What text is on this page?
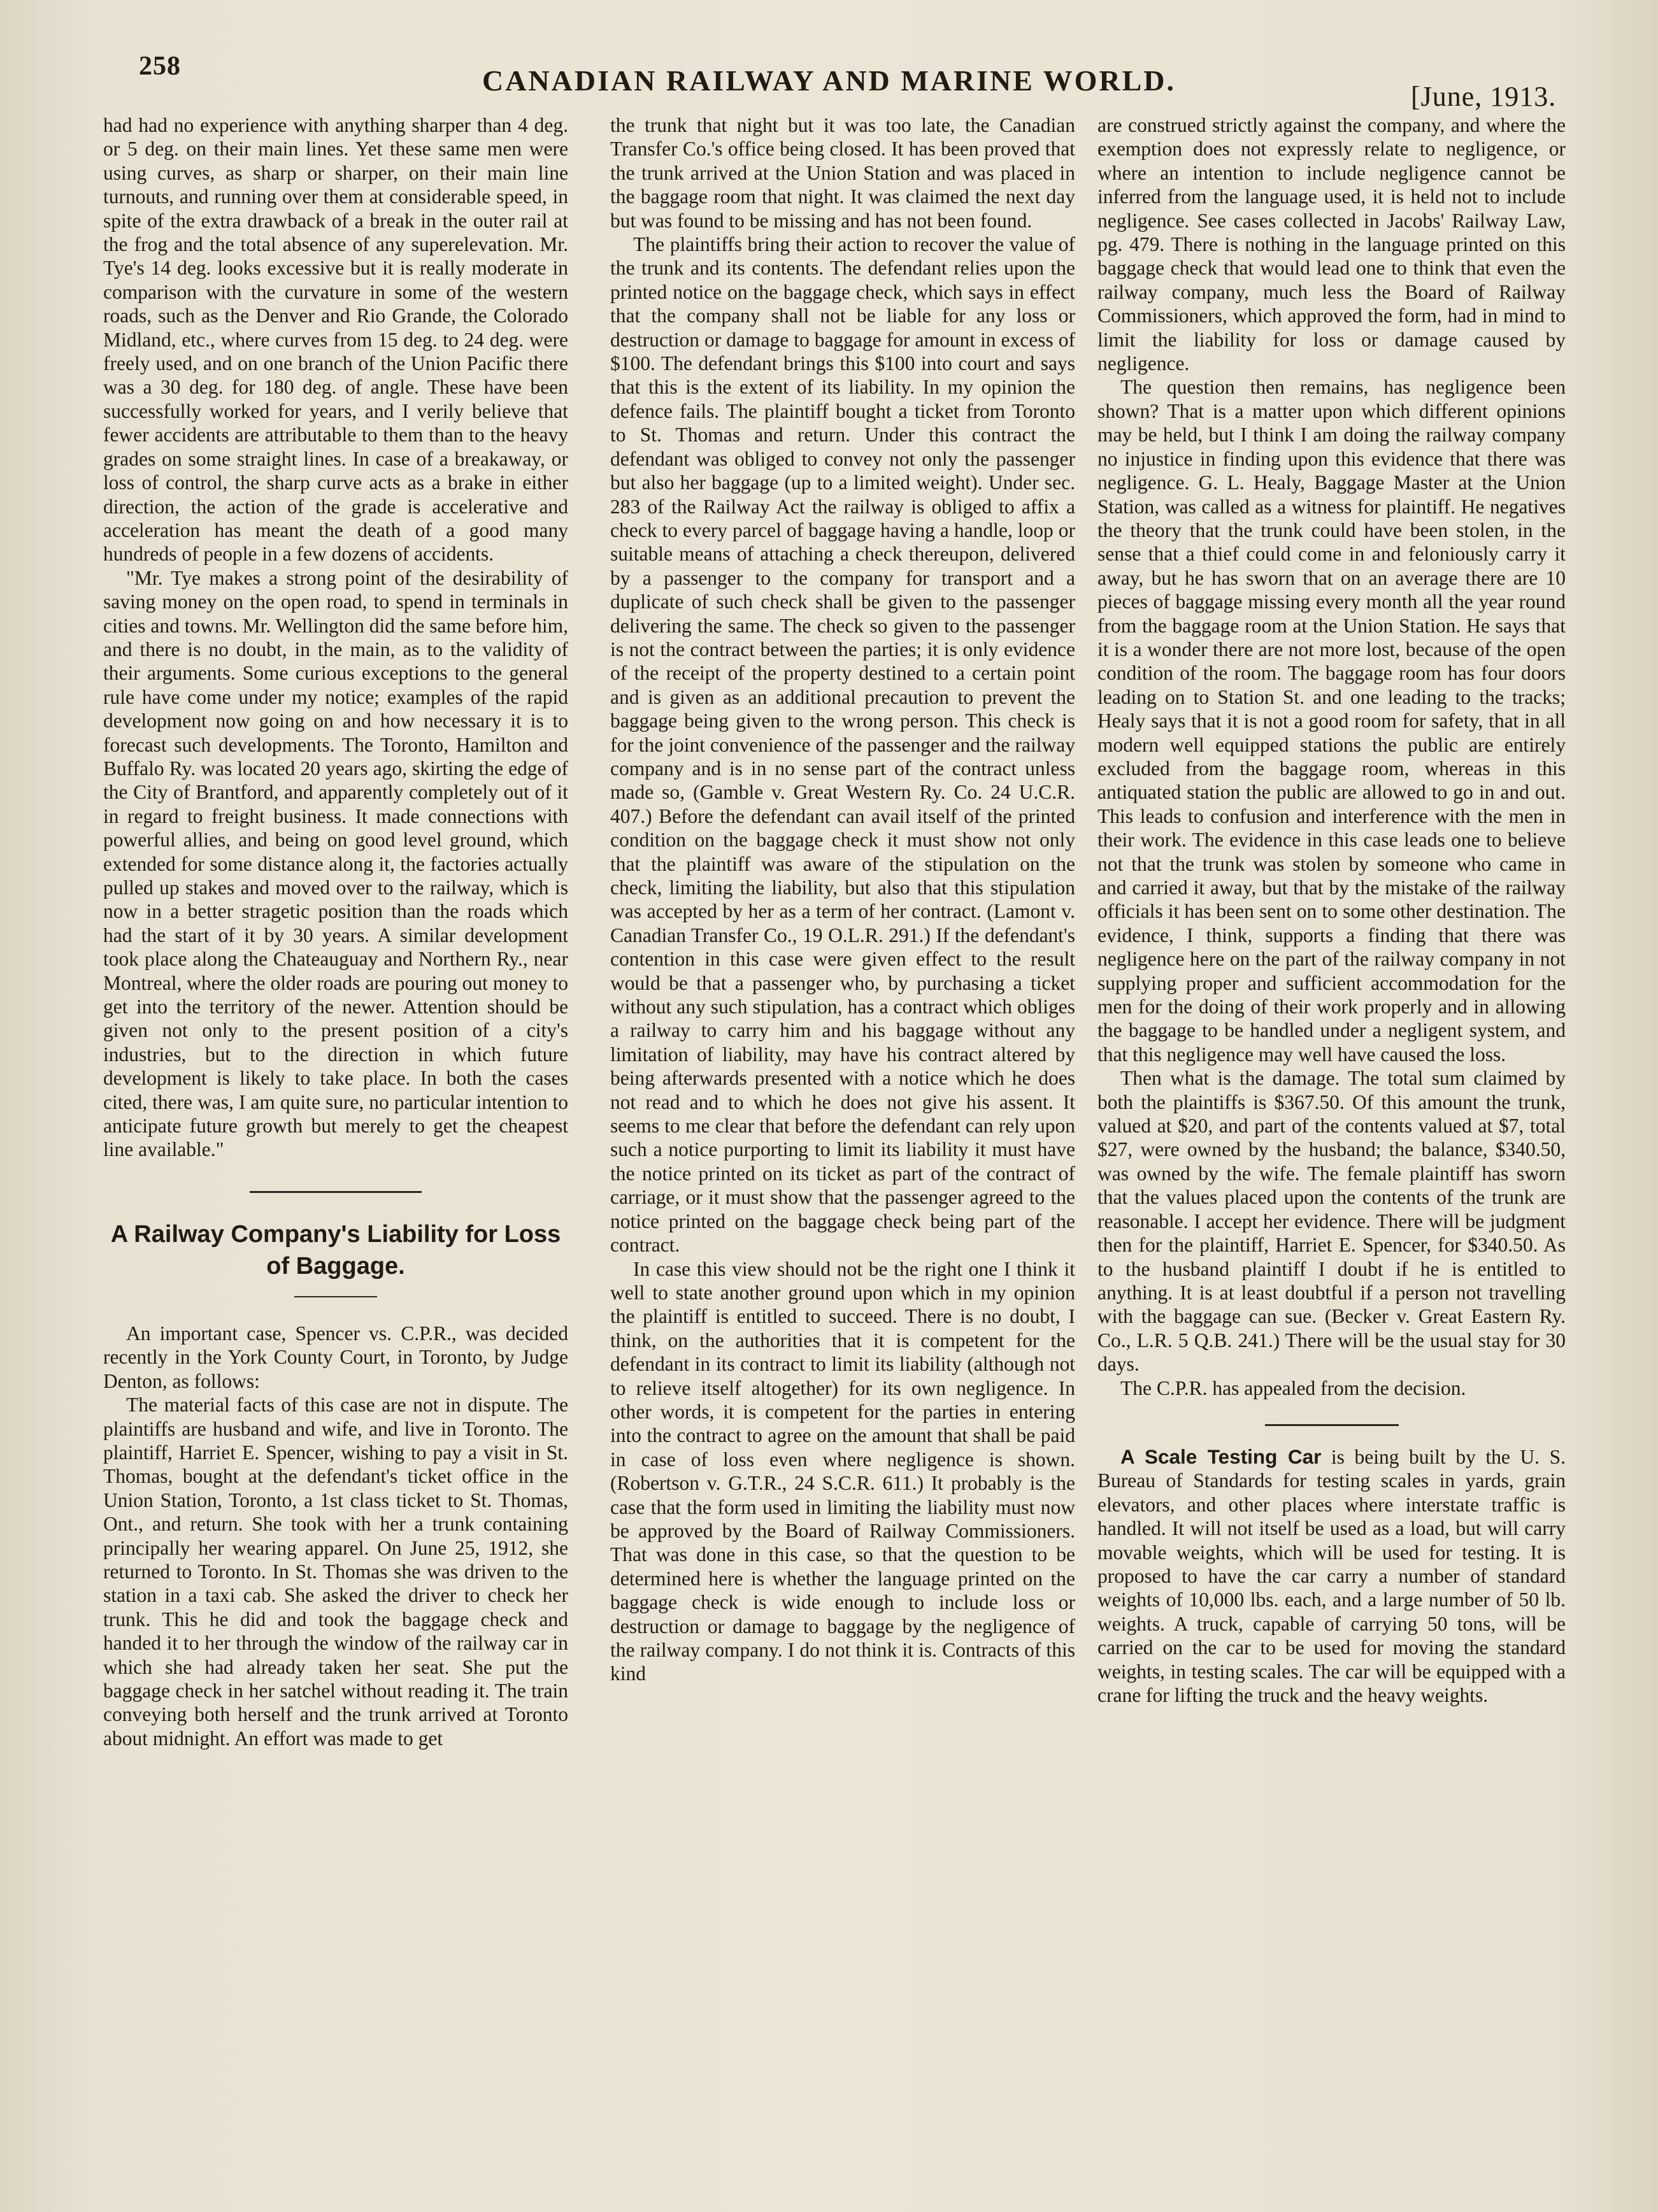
258	CANADIAN RAILWAY AND MARINE WORLD.	[June, 1913.

had had no experience with anything sharper than 4 deg. or 5 deg. on their main lines. Yet these same men were using curves, as sharp or sharper, on their main line turnouts, and running over them at considerable speed, in spite of the extra drawback of a break in the outer rail at the frog and the total absence of any superelevation. Mr. Tye's 14 deg. looks excessive but it is really moderate in comparison with the curvature in some of the western roads, such as the Denver and Rio Grande, the Colorado Midland, etc., where curves from 15 deg. to 24 deg. were freely used, and on one branch of the Union Pacific there was a 30 deg. for 180 deg. of angle. These have been successfully worked for years, and I verily believe that fewer accidents are attributable to them than to the heavy grades on some straight lines. In case of a breakaway, or loss of control, the sharp curve acts as a brake in either direction, the action of the grade is accelerative and acceleration has meant the death of a good many hundreds of people in a few dozens of accidents.

"Mr. Tye makes a strong point of the desirability of saving money on the open road, to spend in terminals in cities and towns. Mr. Wellington did the same before him, and there is no doubt, in the main, as to the validity of their arguments. Some curious exceptions to the general rule have come under my notice; examples of the rapid development now going on and how necessary it is to forecast such developments. The Toronto, Hamilton and Buffalo Ry. was located 20 years ago, skirting the edge of the City of Brantford, and apparently completely out of it in regard to freight business. It made connections with powerful allies, and being on good level ground, which extended for some distance along it, the factories actually pulled up stakes and moved over to the railway, which is now in a better stragetic position than the roads which had the start of it by 30 years. A similar development took place along the Chateauguay and Northern Ry., near Montreal, where the older roads are pouring out money to get into the territory of the newer. Attention should be given not only to the present position of a city's industries, but to the direction in which future development is likely to take place. In both the cases cited, there was, I am quite sure, no particular intention to anticipate future growth but merely to get the cheapest line available."

A Railway Company's Liability for Loss of Baggage.

An important case, Spencer vs. C.P.R., was decided recently in the York County Court, in Toronto, by Judge Denton, as follows:

The material facts of this case are not in dispute. The plaintiffs are husband and wife, and live in Toronto. The plaintiff, Harriet E. Spencer, wishing to pay a visit in St. Thomas, bought at the defendant's ticket office in the Union Station, Toronto, a 1st class ticket to St. Thomas, Ont., and return. She took with her a trunk containing principally her wearing apparel. On June 25, 1912, she returned to Toronto. In St. Thomas she was driven to the station in a taxi cab. She asked the driver to check her trunk. This he did and took the baggage check and handed it to her through the window of the railway car in which she had already taken her seat. She put the baggage check in her satchel without reading it. The train conveying both herself and the trunk arrived at Toronto about midnight. An effort was made to get

the trunk that night but it was too late, the Canadian Transfer Co.'s office being closed. It has been proved that the trunk arrived at the Union Station and was placed in the baggage room that night. It was claimed the next day but was found to be missing and has not been found.

The plaintiffs bring their action to recover the value of the trunk and its contents. The defendant relies upon the printed notice on the baggage check, which says in effect that the company shall not be liable for any loss or destruction or damage to baggage for amount in excess of $100. The defendant brings this $100 into court and says that this is the extent of its liability. In my opinion the defence fails. The plaintiff bought a ticket from Toronto to St. Thomas and return. Under this contract the defendant was obliged to convey not only the passenger but also her baggage (up to a limited weight). Under sec. 283 of the Railway Act the railway is obliged to affix a check to every parcel of baggage having a handle, loop or suitable means of attaching a check thereupon, delivered by a passenger to the company for transport and a duplicate of such check shall be given to the passenger delivering the same. The check so given to the passenger is not the contract between the parties; it is only evidence of the receipt of the property destined to a certain point and is given as an additional precaution to prevent the baggage being given to the wrong person. This check is for the joint convenience of the passenger and the railway company and is in no sense part of the contract unless made so, (Gamble v. Great Western Ry. Co. 24 U.C.R. 407.) Before the defendant can avail itself of the printed condition on the baggage check it must show not only that the plaintiff was aware of the stipulation on the check, limiting the liability, but also that this stipulation was accepted by her as a term of her contract. (Lamont v. Canadian Transfer Co., 19 O.L.R. 291.) If the defendant's contention in this case were given effect to the result would be that a passenger who, by purchasing a ticket without any such stipulation, has a contract which obliges a railway to carry him and his baggage without any limitation of liability, may have his contract altered by being afterwards presented with a notice which he does not read and to which he does not give his assent. It seems to me clear that before the defendant can rely upon such a notice purporting to limit its liability it must have the notice printed on its ticket as part of the contract of carriage, or it must show that the passenger agreed to the notice printed on the baggage check being part of the contract.

In case this view should not be the right one I think it well to state another ground upon which in my opinion the plaintiff is entitled to succeed. There is no doubt, I think, on the authorities that it is competent for the defendant in its contract to limit its liability (although not to relieve itself altogether) for its own negligence. In other words, it is competent for the parties in entering into the contract to agree on the amount that shall be paid in case of loss even where negligence is shown. (Robertson v. G.T.R., 24 S.C.R. 611.) It probably is the case that the form used in limiting the liability must now be approved by the Board of Railway Commissioners. That was done in this case, so that the question to be determined here is whether the language printed on the baggage check is wide enough to include loss or destruction or damage to baggage by the negligence of the railway company. I do not think it is. Contracts of this kind

are construed strictly against the company, and where the exemption does not expressly relate to negligence, or where an intention to include negligence cannot be inferred from the language used, it is held not to include negligence. See cases collected in Jacobs' Railway Law, pg. 479. There is nothing in the language printed on this baggage check that would lead one to think that even the railway company, much less the Board of Railway Commissioners, which approved the form, had in mind to limit the liability for loss or damage caused by negligence.

The question then remains, has negligence been shown? That is a matter upon which different opinions may be held, but I think I am doing the railway company no injustice in finding upon this evidence that there was negligence. G. L. Healy, Baggage Master at the Union Station, was called as a witness for plaintiff. He negatives the theory that the trunk could have been stolen, in the sense that a thief could come in and feloniously carry it away, but he has sworn that on an average there are 10 pieces of baggage missing every month all the year round from the baggage room at the Union Station. He says that it is a wonder there are not more lost, because of the open condition of the room. The baggage room has four doors leading on to Station St. and one leading to the tracks; Healy says that it is not a good room for safety, that in all modern well equipped stations the public are entirely excluded from the baggage room, whereas in this antiquated station the public are allowed to go in and out. This leads to confusion and interference with the men in their work. The evidence in this case leads one to believe not that the trunk was stolen by someone who came in and carried it away, but that by the mistake of the railway officials it has been sent on to some other destination. The evidence, I think, supports a finding that there was negligence here on the part of the railway company in not supplying proper and sufficient accommodation for the men for the doing of their work properly and in allowing the baggage to be handled under a negligent system, and that this negligence may well have caused the loss.

Then what is the damage. The total sum claimed by both the plaintiffs is $367.50. Of this amount the trunk, valued at $20, and part of the contents valued at $7, total $27, were owned by the husband; the balance, $340.50, was owned by the wife. The female plaintiff has sworn that the values placed upon the contents of the trunk are reasonable. I accept her evidence. There will be judgment then for the plaintiff, Harriet E. Spencer, for $340.50. As to the husband plaintiff I doubt if he is entitled to anything. It is at least doubtful if a person not travelling with the baggage can sue. (Becker v. Great Eastern Ry. Co., L.R. 5 Q.B. 241.) There will be the usual stay for 30 days.

The C.P.R. has appealed from the decision.

A Scale Testing Car is being built by the U. S. Bureau of Standards for testing scales in yards, grain elevators, and other places where interstate traffic is handled. It will not itself be used as a load, but will carry movable weights, which will be used for testing. It is proposed to have the car carry a number of standard weights of 10,000 lbs. each, and a large number of 50 lb. weights. A truck, capable of carrying 50 tons, will be carried on the car to be used for moving the standard weights, in testing scales. The car will be equipped with a crane for lifting the truck and the heavy weights.
